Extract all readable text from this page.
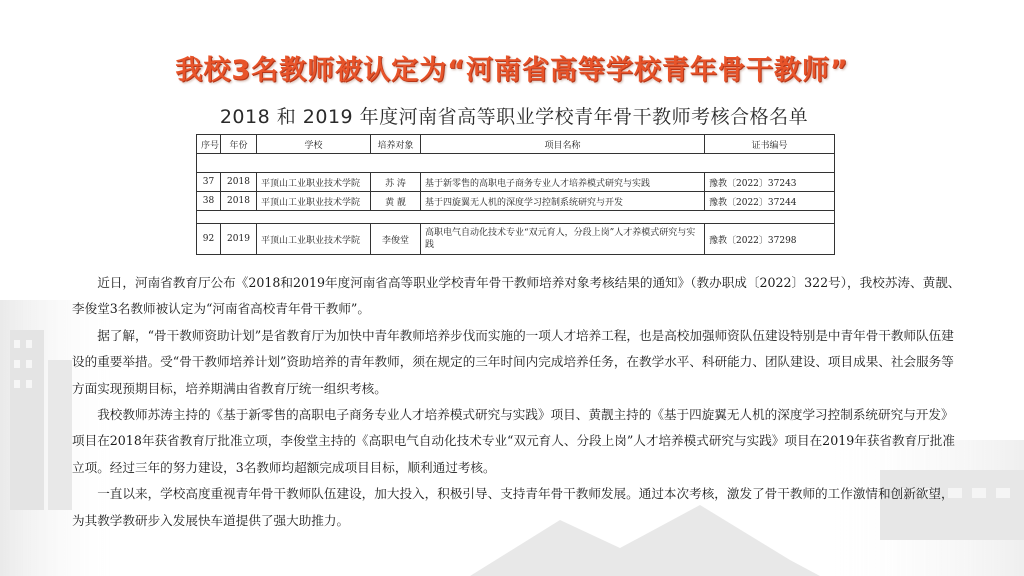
我校3名教师被认定为“河南省高等学校青年骨干教师”
2018 和 2019 年度河南省高等职业学校青年骨干教师考核合格名单
序号	年份	学校	培养对象	项目名称	证书编号

37	2018	平顶山工业职业技术学院	苏 涛	基于新零售的高职电子商务专业人才培养模式研究与实践	豫教〔2022〕37243
38	2018	平顶山工业职业技术学院	黄 靓	基于四旋翼无人机的深度学习控制系统研究与开发	豫教〔2022〕37244

92	2019	平顶山工业职业技术学院	李俊堂	高职电气自动化技术专业“双元育人，分段上岗”人才养模式研究与实践	豫教〔2022〕37298

近日，河南省教育厅公布《2018和2019年度河南省高等职业学校青年骨干教师培养对象考核结果的通知》（教办职成〔2022〕322号），我校苏涛、黄靓、李俊堂3名教师被认定为“河南省高校青年骨干教师”。

据了解，“骨干教师资助计划”是省教育厅为加快中青年教师培养步伐而实施的一项人才培养工程，也是高校加强师资队伍建设特别是中青年骨干教师队伍建设的重要举措。受“骨干教师培养计划”资助培养的青年教师，须在规定的三年时间内完成培养任务，在教学水平、科研能力、团队建设、项目成果、社会服务等方面实现预期目标，培养期满由省教育厅统一组织考核。

我校教师苏涛主持的《基于新零售的高职电子商务专业人才培养模式研究与实践》项目、黄靓主持的《基于四旋翼无人机的深度学习控制系统研究与开发》项目在2018年获省教育厅批准立项，李俊堂主持的《高职电气自动化技术专业“双元育人、分段上岗”人才培养模式研究与实践》项目在2019年获省教育厅批准立项。经过三年的努力建设，3名教师均超额完成项目目标，顺利通过考核。

一直以来，学校高度重视青年骨干教师队伍建设，加大投入，积极引导、支持青年骨干教师发展。通过本次考核，激发了骨干教师的工作激情和创新欲望，为其教学教研步入发展快车道提供了强大助推力。
